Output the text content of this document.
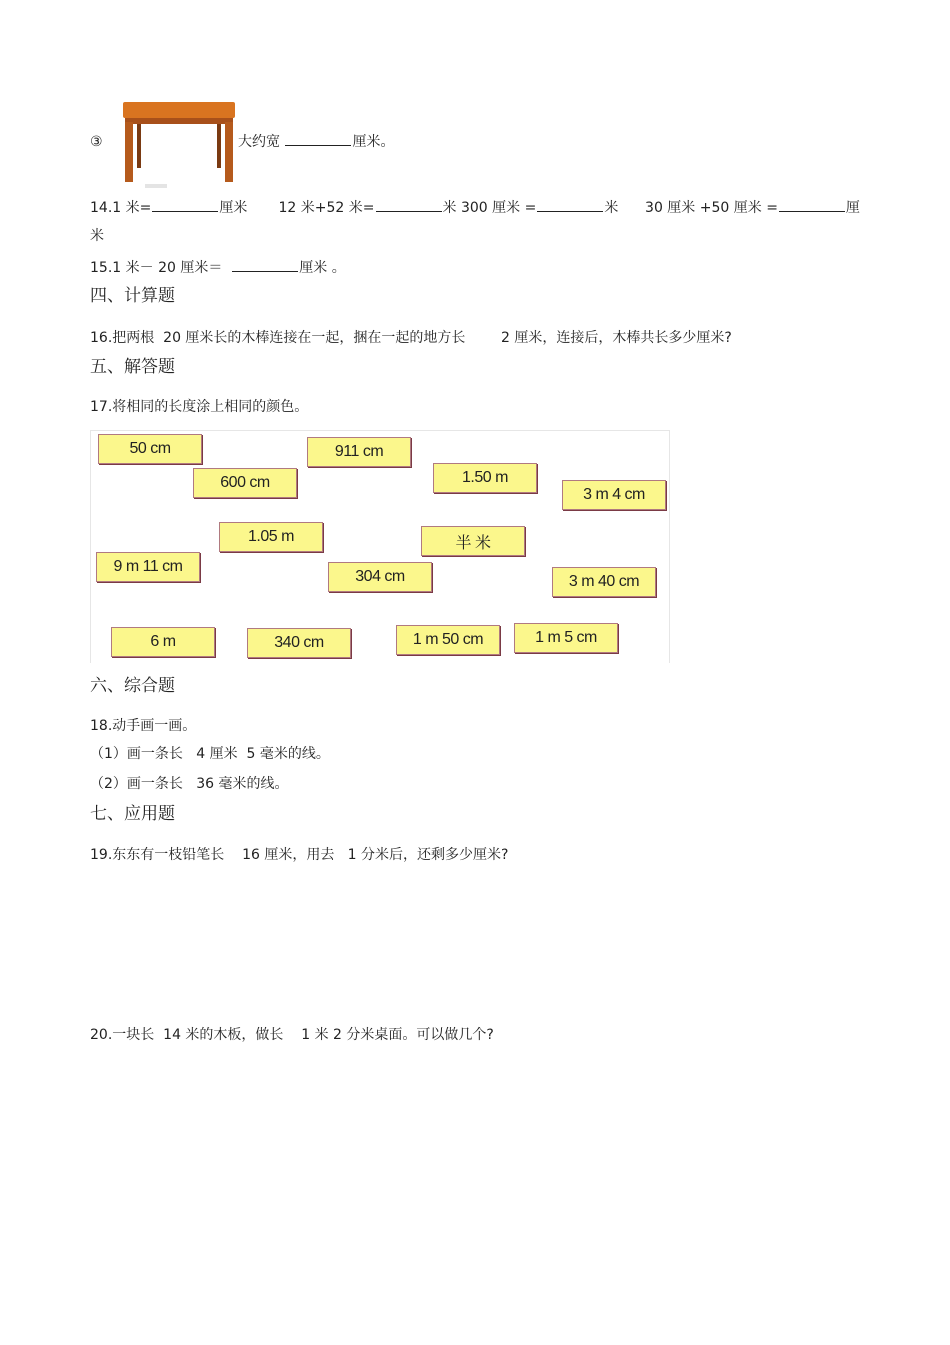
③	大约宽	厘米。
14.1 米=	厘米 12 米+52 米=	米 300 厘米 =	米 30 厘米 +50 厘米 =	厘
米
15.1 米－ 20 厘米＝	厘米 。
四、计算题
16.把两根  20 厘米长的木棒连接在一起，捆在一起的地方长        2 厘米，连接后，木棒共长多少厘米?
五、解答题
17.将相同的长度涂上相同的颜色。
50 cm	911 cm
600 cm	1.50 m
3 m 4 cm
1.05 m	半 米
9 m 11 cm
304 cm	3 m 40 cm
6 m	340 cm	1 m 50 cm	1 m 5 cm
六、综合题
18.动手画一画。
（1）画一条长   4 厘米  5 毫米的线。
（2）画一条长   36 毫米的线。
七、应用题
19.东东有一枝铅笔长    16 厘米，用去   1 分米后，还剩多少厘米?
20.一块长  14 米的木板，做长    1 米 2 分米桌面。可以做几个?
